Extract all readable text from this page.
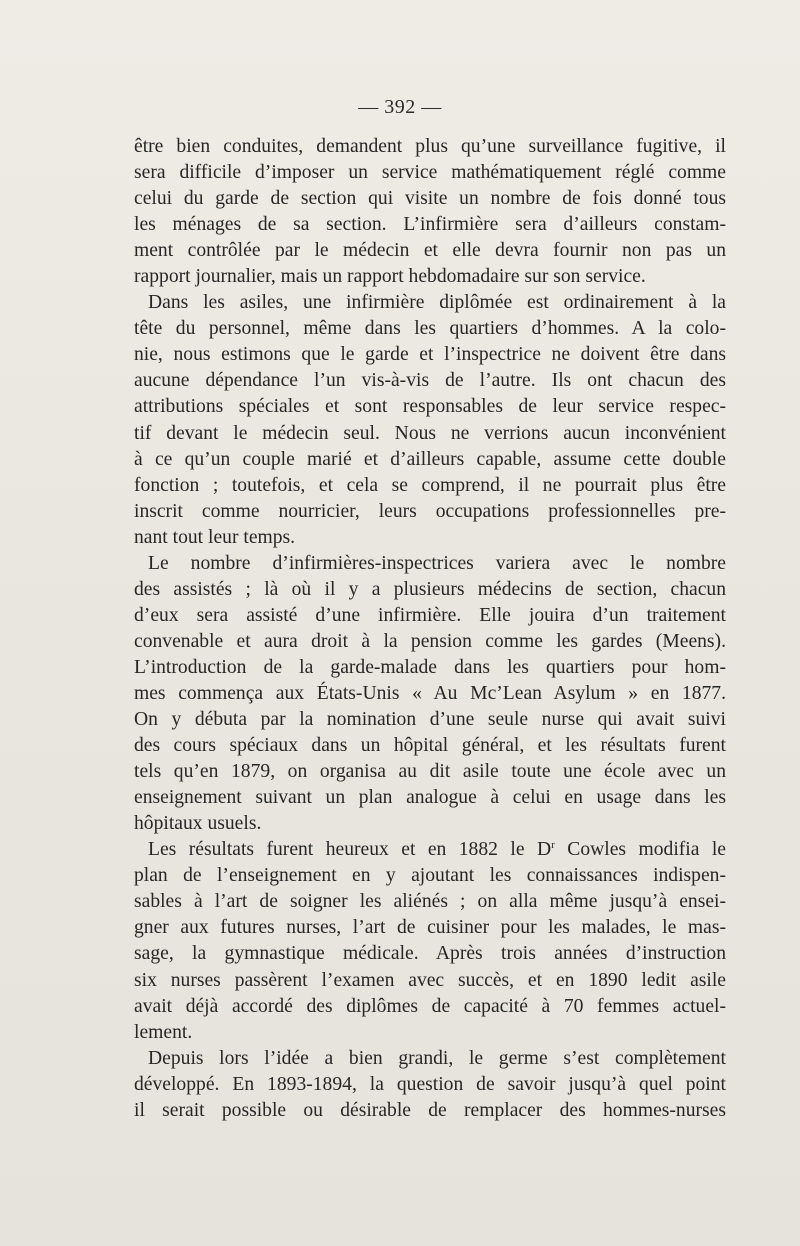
— 392 —
être bien conduites, demandent plus qu’une surveillance fugitive, il
sera difficile d’imposer un service mathématiquement réglé comme
celui du garde de section qui visite un nombre de fois donné tous
les ménages de sa section. L’infirmière sera d’ailleurs constam-
ment contrôlée par le médecin et elle devra fournir non pas un
rapport journalier, mais un rapport hebdomadaire sur son service.
Dans les asiles, une infirmière diplômée est ordinairement à la
tête du personnel, même dans les quartiers d’hommes. A la colo-
nie, nous estimons que le garde et l’inspectrice ne doivent être dans
aucune dépendance l’un vis-à-vis de l’autre. Ils ont chacun des
attributions spéciales et sont responsables de leur service respec-
tif devant le médecin seul. Nous ne verrions aucun inconvénient
à ce qu’un couple marié et d’ailleurs capable, assume cette double
fonction ; toutefois, et cela se comprend, il ne pourrait plus être
inscrit comme nourricier, leurs occupations professionnelles pre-
nant tout leur temps.
Le nombre d’infirmières-inspectrices variera avec le nombre
des assistés ; là où il y a plusieurs médecins de section, chacun
d’eux sera assisté d’une infirmière. Elle jouira d’un traitement
convenable et aura droit à la pension comme les gardes (Meens).
L’introduction de la garde-malade dans les quartiers pour hom-
mes commença aux États-Unis « Au Mc’Lean Asylum » en 1877.
On y débuta par la nomination d’une seule nurse qui avait suivi
des cours spéciaux dans un hôpital général, et les résultats furent
tels qu’en 1879, on organisa au dit asile toute une école avec un
enseignement suivant un plan analogue à celui en usage dans les
hôpitaux usuels.
Les résultats furent heureux et en 1882 le $D^r$ Cowles modifia le
plan de l’enseignement en y ajoutant les connaissances indispen-
sables à l’art de soigner les aliénés ; on alla même jusqu’à ensei-
gner aux futures nurses, l’art de cuisiner pour les malades, le mas-
sage, la gymnastique médicale. Après trois années d’instruction
six nurses passèrent l’examen avec succès, et en 1890 ledit asile
avait déjà accordé des diplômes de capacité à 70 femmes actuel-
lement.
Depuis lors l’idée a bien grandi, le germe s’est complètement
développé. En 1893-1894, la question de savoir jusqu’à quel point
il serait possible ou désirable de remplacer des hommes-nurses
